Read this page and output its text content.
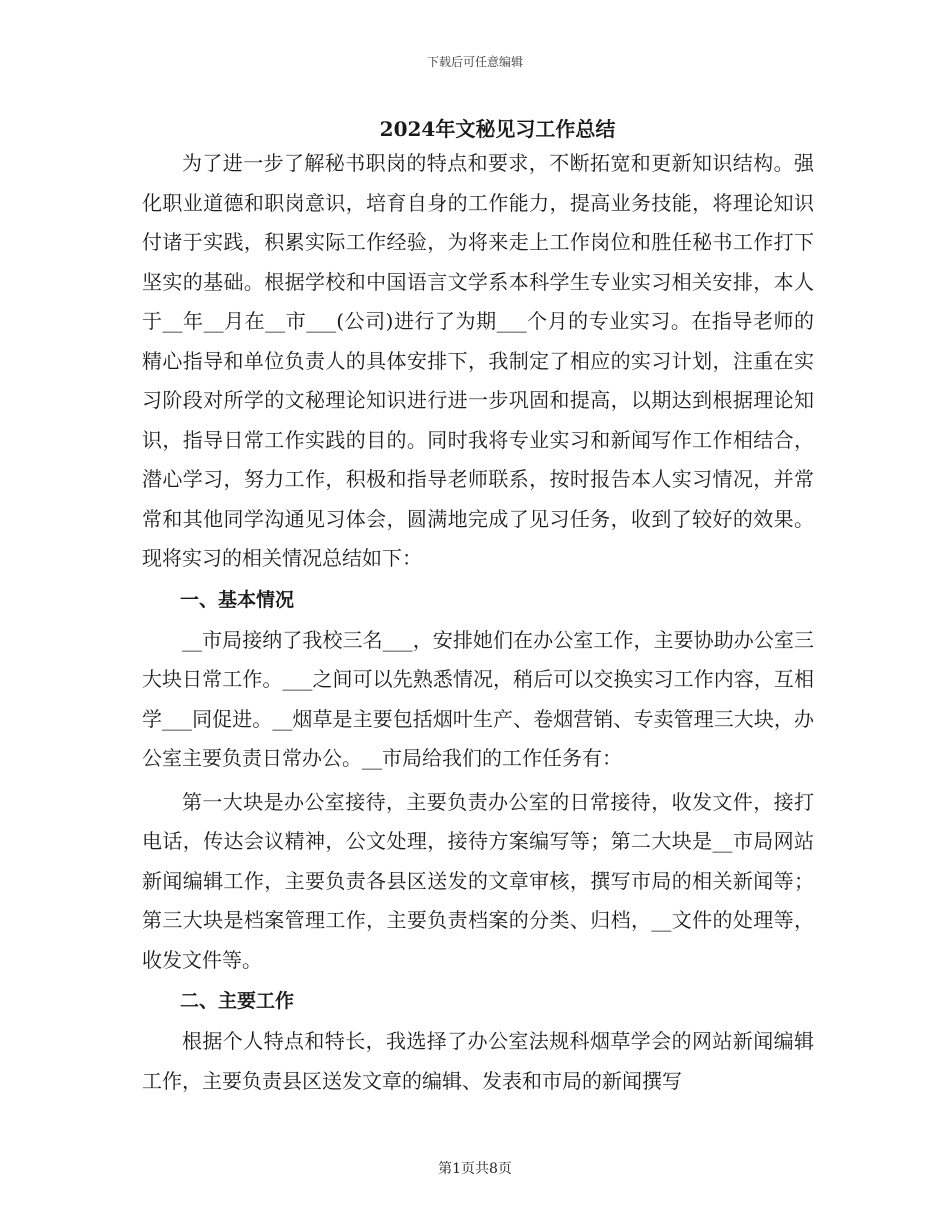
下载后可任意编辑
2024年文秘见习工作总结

为了进一步了解秘书职岗的特点和要求，不断拓宽和更新知识结构。强化职业道德和职岗意识，培育自身的工作能力，提高业务技能，将理论知识付诸于实践，积累实际工作经验，为将来走上工作岗位和胜任秘书工作打下坚实的基础。根据学校和中国语言文学系本科学生专业实习相关安排，本人于__年__月在__市___(公司)进行了为期___个月的专业实习。在指导老师的精心指导和单位负责人的具体安排下，我制定了相应的实习计划，注重在实习阶段对所学的文秘理论知识进行进一步巩固和提高，以期达到根据理论知识，指导日常工作实践的目的。同时我将专业实习和新闻写作工作相结合，潜心学习，努力工作，积极和指导老师联系，按时报告本人实习情况，并常常和其他同学沟通见习体会，圆满地完成了见习任务，收到了较好的效果。现将实习的相关情况总结如下：

一、基本情况

__市局接纳了我校三名___，安排她们在办公室工作，主要协助办公室三大块日常工作。___之间可以先熟悉情况，稍后可以交换实习工作内容，互相学___同促进。__烟草是主要包括烟叶生产、卷烟营销、专卖管理三大块，办公室主要负责日常办公。__市局给我们的工作任务有：

第一大块是办公室接待，主要负责办公室的日常接待，收发文件，接打电话，传达会议精神，公文处理，接待方案编写等；第二大块是__市局网站新闻编辑工作，主要负责各县区送发的文章审核，撰写市局的相关新闻等；第三大块是档案管理工作，主要负责档案的分类、归档，__文件的处理等，收发文件等。

二、主要工作

根据个人特点和特长，我选择了办公室法规科烟草学会的网站新闻编辑工作，主要负责县区送发文章的编辑、发表和市局的新闻撰写

第1页共8页
